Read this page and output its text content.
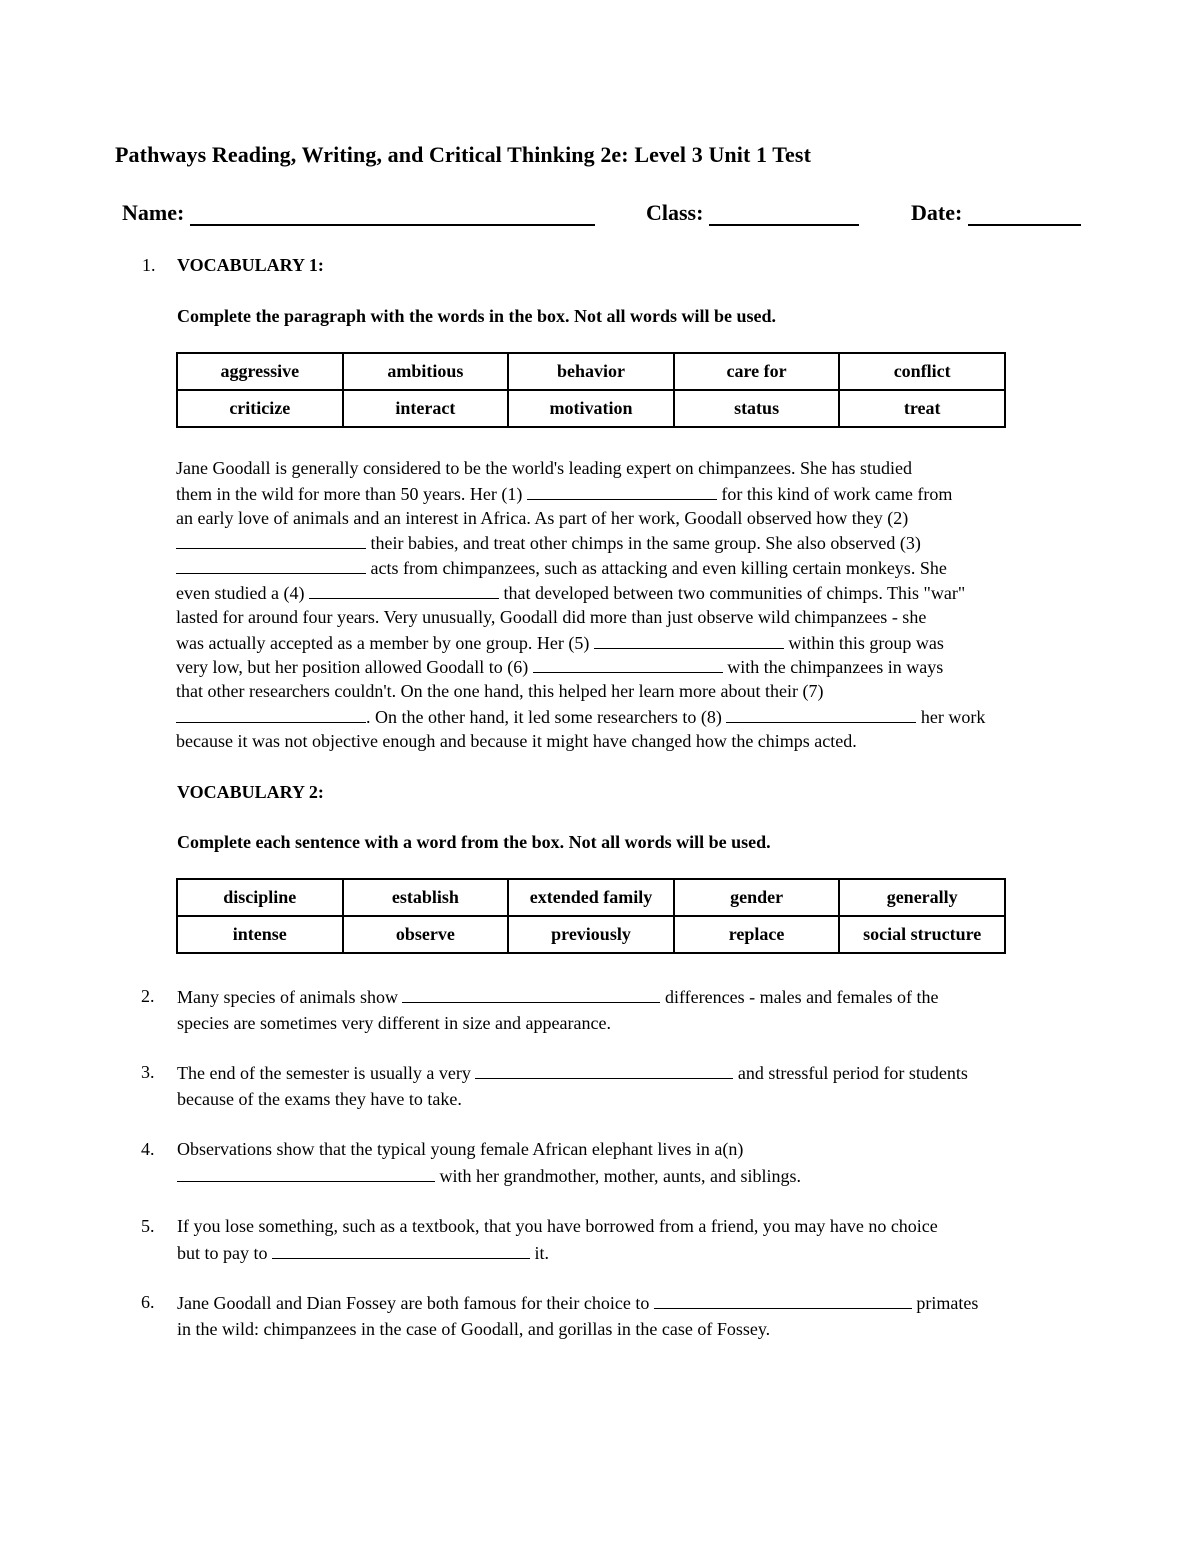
Pathways Reading, Writing, and Critical Thinking 2e: Level 3 Unit 1 Test
Name:	Class:	Date:
1. VOCABULARY 1:
Complete the paragraph with the words in the box. Not all words will be used.
aggressive	ambitious	behavior	care for	conflict
criticize	interact	motivation	status	treat
Jane Goodall is generally considered to be the world's leading expert on chimpanzees. She has studied
them in the wild for more than 50 years. Her (1)	for this kind of work came from
an early love of animals and an interest in Africa. As part of her work, Goodall observed how they (2)
their babies, and treat other chimps in the same group. She also observed (3)
acts from chimpanzees, such as attacking and even killing certain monkeys. She
even studied a (4)	that developed between two communities of chimps. This "war"
lasted for around four years. Very unusually, Goodall did more than just observe wild chimpanzees - she
was actually accepted as a member by one group. Her (5)	within this group was
very low, but her position allowed Goodall to (6)	with the chimpanzees in ways
that other researchers couldn't. On the one hand, this helped her learn more about their (7)
. On the other hand, it led some researchers to (8)	her work
because it was not objective enough and because it might have changed how the chimps acted.
VOCABULARY 2:
Complete each sentence with a word from the box. Not all words will be used.
discipline	establish	extended family	gender	generally
intense	observe	previously	replace	social structure
2. Many species of animals show	differences - males and females of the
species are sometimes very different in size and appearance.
3. The end of the semester is usually a very	and stressful period for students
because of the exams they have to take.
4. Observations show that the typical young female African elephant lives in a(n)
with her grandmother, mother, aunts, and siblings.
5. If you lose something, such as a textbook, that you have borrowed from a friend, you may have no choice
but to pay to	it.
6. Jane Goodall and Dian Fossey are both famous for their choice to	primates
in the wild: chimpanzees in the case of Goodall, and gorillas in the case of Fossey.
